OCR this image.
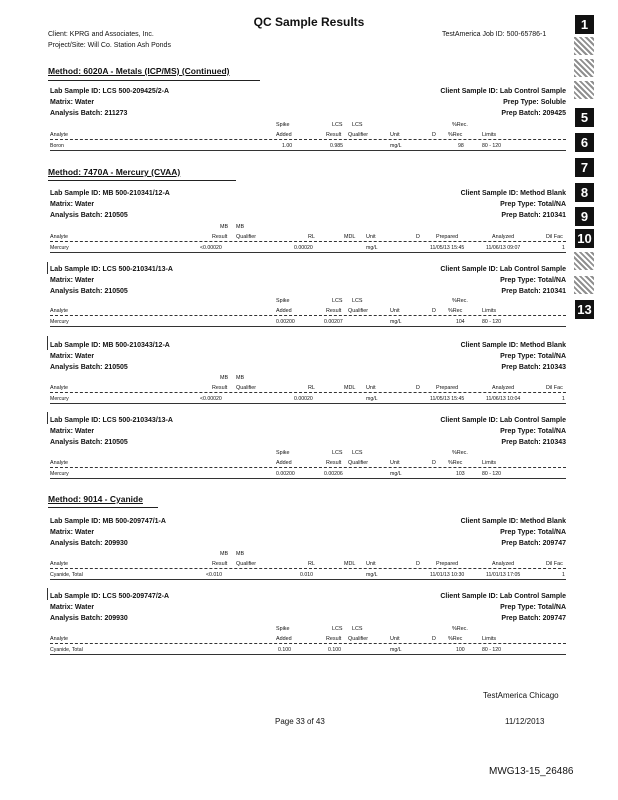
QC Sample Results
Client: KPRG and Associates, Inc.
Project/Site: Will Co. Station Ash Ponds
TestAmerica Job ID: 500-65786-1
1
5
6
7
8
9
10
13
Method: 6020A - Metals (ICP/MS) (Continued)
Lab Sample ID: LCS 500-209425/2-A
Matrix: Water
Analysis Batch: 211273
Client Sample ID: Lab Control Sample
Prep Type: Soluble
Prep Batch: 209425
Spike	LCS LCS	%Rec.
Analyte	Added	Result Qualifier	Unit	D %Rec	Limits
Boron	1.00	0.985	mg/L	98	80 - 120
Method: 7470A - Mercury (CVAA)
Lab Sample ID: MB 500-210341/12-A
Matrix: Water
Analysis Batch: 210505
Client Sample ID: Method Blank
Prep Type: Total/NA
Prep Batch: 210341
MB MB
Analyte	Result Qualifier	RL	MDL Unit	D	Prepared	Analyzed	Dil Fac
Mercury	<0.00020	0.00020	mg/L	11/05/13 15:45	11/06/13 09:07	1
Lab Sample ID: LCS 500-210341/13-A
Matrix: Water
Analysis Batch: 210505
Client Sample ID: Lab Control Sample
Prep Type: Total/NA
Prep Batch: 210341
Spike	LCS LCS	%Rec.
Analyte	Added	Result Qualifier	Unit	D %Rec	Limits
Mercury	0.00200	0.00207	mg/L	104	80 - 120
Lab Sample ID: MB 500-210343/12-A
Matrix: Water
Analysis Batch: 210505
Client Sample ID: Method Blank
Prep Type: Total/NA
Prep Batch: 210343
MB MB
Analyte	Result Qualifier	RL	MDL Unit	D	Prepared	Analyzed	Dil Fac
Mercury	<0.00020	0.00020	mg/L	11/05/13 15:45	11/06/13 10:04	1
Lab Sample ID: LCS 500-210343/13-A
Matrix: Water
Analysis Batch: 210505
Client Sample ID: Lab Control Sample
Prep Type: Total/NA
Prep Batch: 210343
Spike	LCS LCS	%Rec.
Analyte	Added	Result Qualifier	Unit	D %Rec	Limits
Mercury	0.00200	0.00206	mg/L	103	80 - 120
Method: 9014 - Cyanide
Lab Sample ID: MB 500-209747/1-A
Matrix: Water
Analysis Batch: 209930
Client Sample ID: Method Blank
Prep Type: Total/NA
Prep Batch: 209747
MB MB
Analyte	Result Qualifier	RL	MDL Unit	D	Prepared	Analyzed	Dil Fac
Cyanide, Total	<0.010	0.010	mg/L	11/01/13 10:30	11/01/13 17:05	1
Lab Sample ID: LCS 500-209747/2-A
Matrix: Water
Analysis Batch: 209930
Client Sample ID: Lab Control Sample
Prep Type: Total/NA
Prep Batch: 209747
Spike	LCS LCS	%Rec.
Analyte	Added	Result Qualifier	Unit	D %Rec	Limits
Cyanide, Total	0.100	0.100	mg/L	100	80 - 120
TestAmerica Chicago
Page 33 of 43	11/12/2013
MWG13-15_26486
